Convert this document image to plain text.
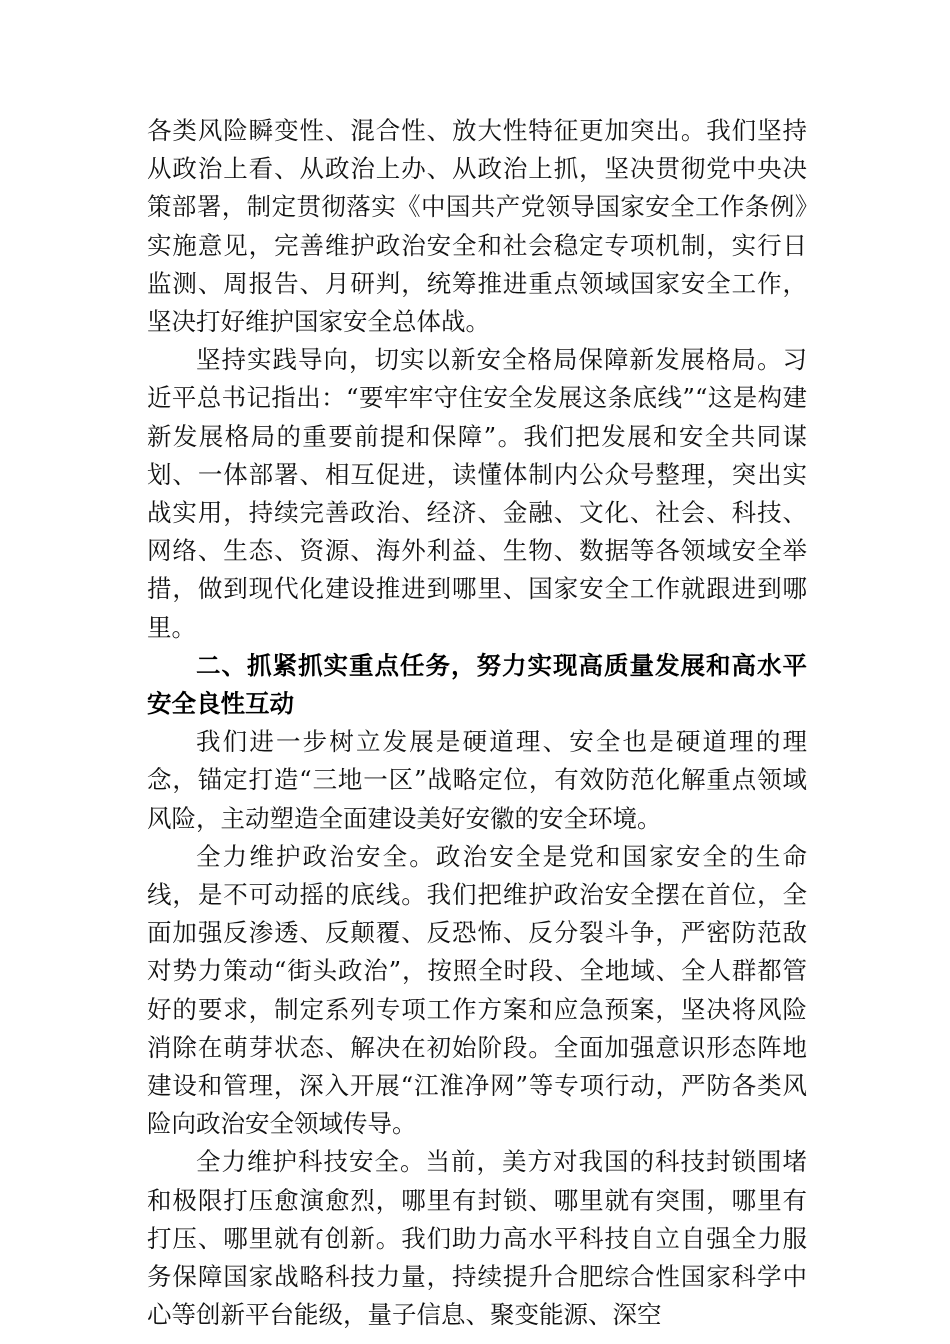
各类风险瞬变性、混合性、放大性特征更加突出。我们坚持从政治上看、从政治上办、从政治上抓，坚决贯彻党中央决策部署，制定贯彻落实《中国共产党领导国家安全工作条例》实施意见，完善维护政治安全和社会稳定专项机制，实行日监测、周报告、月研判，统筹推进重点领域国家安全工作，坚决打好维护国家安全总体战。

坚持实践导向，切实以新安全格局保障新发展格局。习近平总书记指出：“要牢牢守住安全发展这条底线”“这是构建新发展格局的重要前提和保障”。我们把发展和安全共同谋划、一体部署、相互促进，读懂体制内公众号整理，突出实战实用，持续完善政治、经济、金融、文化、社会、科技、网络、生态、资源、海外利益、生物、数据等各领域安全举措，做到现代化建设推进到哪里、国家安全工作就跟进到哪里。

二、抓紧抓实重点任务，努力实现高质量发展和高水平安全良性互动

我们进一步树立发展是硬道理、安全也是硬道理的理念，锚定打造“三地一区”战略定位，有效防范化解重点领域风险，主动塑造全面建设美好安徽的安全环境。

全力维护政治安全。政治安全是党和国家安全的生命线，是不可动摇的底线。我们把维护政治安全摆在首位，全面加强反渗透、反颠覆、反恐怖、反分裂斗争，严密防范敌对势力策动“街头政治”，按照全时段、全地域、全人群都管好的要求，制定系列专项工作方案和应急预案，坚决将风险消除在萌芽状态、解决在初始阶段。全面加强意识形态阵地建设和管理，深入开展“江淮净网”等专项行动，严防各类风险向政治安全领域传导。

全力维护科技安全。当前，美方对我国的科技封锁围堵和极限打压愈演愈烈，哪里有封锁、哪里就有突围，哪里有打压、哪里就有创新。我们助力高水平科技自立自强全力服务保障国家战略科技力量，持续提升合肥综合性国家科学中心等创新平台能级，量子信息、聚变能源、深空
